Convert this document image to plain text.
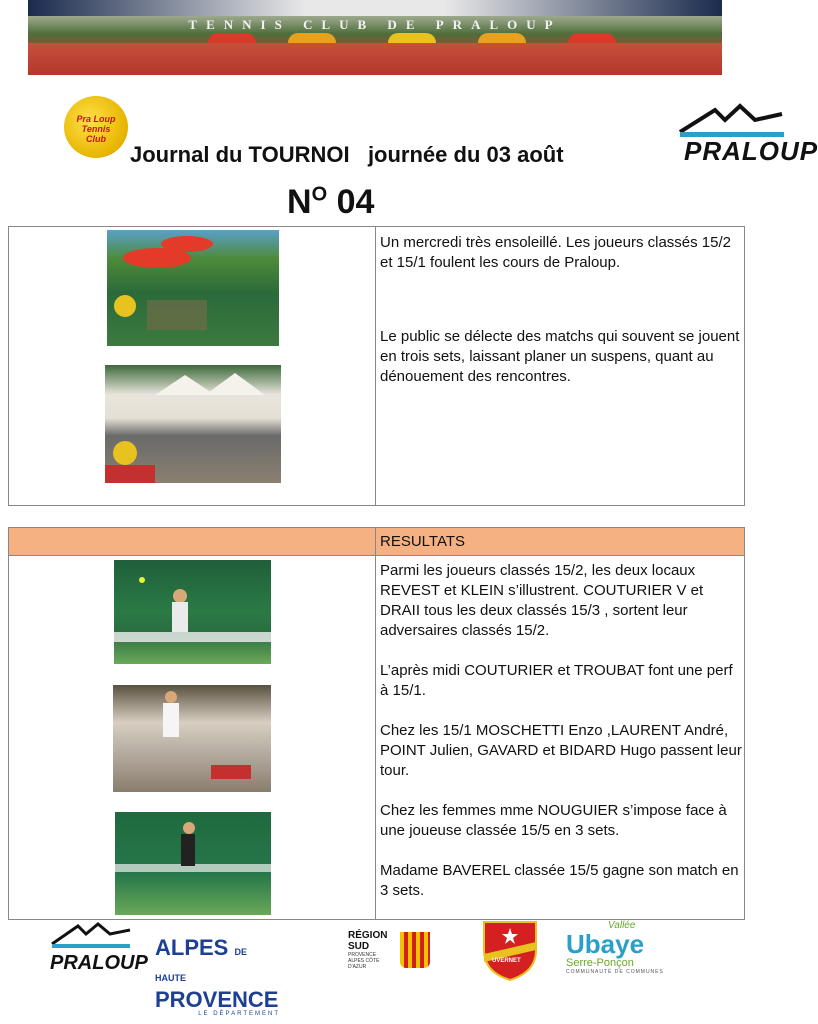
TENNIS CLUB DE PRALOUP
Pra Loup Tennis Club
Journal du TOURNOI   journée du 03 août
$N^O$ 04
PRALOUP

Un mercredi très ensoleillé. Les joueurs classés 15/2 et 15/1 foulent les cours de Praloup.

Le public se délecte des matchs qui souvent se jouent en trois sets, laissant planer un suspens, quant au dénouement des rencontres.

RESULTATS

Parmi les joueurs classés 15/2, les deux locaux REVEST et KLEIN s’illustrent. COUTURIER V et DRAII tous les deux classés 15/3 , sortent leur adversaires classés 15/2.

L’après midi COUTURIER et TROUBAT font une perf à 15/1.

Chez les 15/1 MOSCHETTI Enzo ,LAURENT André, POINT Julien, GAVARD et BIDARD Hugo passent leur tour.

Chez les femmes mme NOUGUIER s’impose face à une joueuse classée 15/5 en 3 sets.

Madame BAVEREL classée 15/5 gagne son match en 3 sets.

PRALOUP
ALPES DE HAUTE
PROVENCE
LE DÉPARTEMENT
RÉGION
SUD
PROVENCE ALPES CÔTE D'AZUR
UVERNET
Vallée
Ubaye
Serre-Ponçon
COMMUNAUTÉ DE COMMUNES
